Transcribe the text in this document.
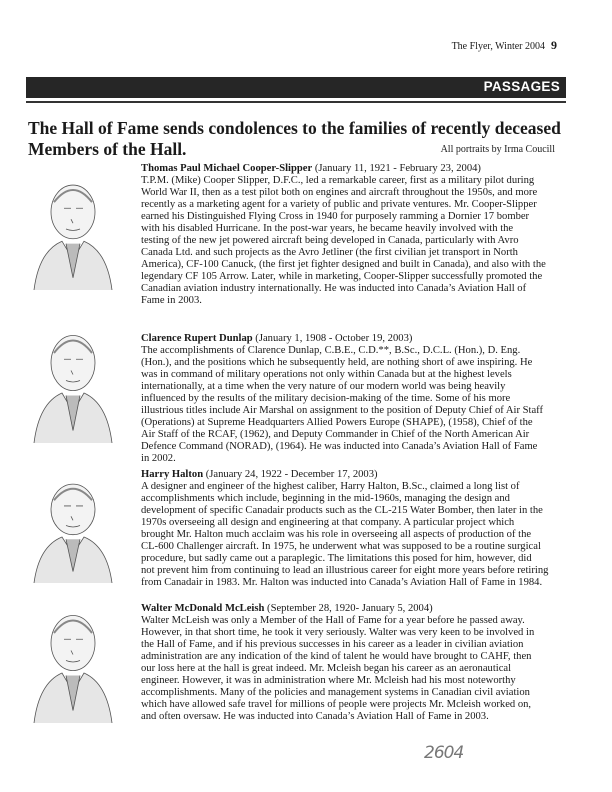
The Flyer, Winter 2004 9
PASSAGES
The Hall of Fame sends condolences to the families of recently deceased
Members of the Hall.	All portraits by Irma Coucill
Thomas Paul Michael Cooper-Slipper (January 11, 1921 - February 23, 2004)
T.P.M. (Mike) Cooper Slipper, D.F.C., led a remarkable career, first as a military pilot during
World War II, then as a test pilot both on engines and aircraft throughout the 1950s, and more
recently as a marketing agent for a variety of public and private ventures. Mr. Cooper-Slipper
earned his Distinguished Flying Cross in 1940 for purposely ramming a Dornier 17 bomber
with his disabled Hurricane. In the post-war years, he became heavily involved with the
testing of the new jet powered aircraft being developed in Canada, particularly with Avro
Canada Ltd. and such projects as the Avro Jetliner (the first civilian jet transport in North
America), CF-100 Canuck, (the first jet fighter designed and built in Canada), and also with the
legendary CF 105 Arrow. Later, while in marketing, Cooper-Slipper successfully promoted the
Canadian aviation industry internationally. He was inducted into Canada’s Aviation Hall of
Fame in 2003.
Clarence Rupert Dunlap (January 1, 1908 - October 19, 2003)
The accomplishments of Clarence Dunlap, C.B.E., C.D.**, B.Sc., D.C.L. (Hon.), D. Eng.
(Hon.), and the positions which he subsequently held, are nothing short of awe inspiring. He
was in command of military operations not only within Canada but at the highest levels
internationally, at a time when the very nature of our modern world was being heavily
influenced by the results of the military decision-making of the time. Some of his more
illustrious titles include Air Marshal on assignment to the position of Deputy Chief of Air Staff
(Operations) at Supreme Headquarters Allied Powers Europe (SHAPE), (1958), Chief of the
Air Staff of the RCAF, (1962), and Deputy Commander in Chief of the North American Air
Defence Command (NORAD), (1964). He was inducted into Canada’s Aviation Hall of Fame
in 2002.
Harry Halton (January 24, 1922 - December 17, 2003)
A designer and engineer of the highest caliber, Harry Halton, B.Sc., claimed a long list of
accomplishments which include, beginning in the mid-1960s, managing the design and
development of specific Canadair products such as the CL-215 Water Bomber, then later in the
1970s overseeing all design and engineering at that company. A particular project which
brought Mr. Halton much acclaim was his role in overseeing all aspects of production of the
CL-600 Challenger aircraft. In 1975, he underwent what was supposed to be a routine surgical
procedure, but sadly came out a paraplegic. The limitations this posed for him, however, did
not prevent him from continuing to lead an illustrious career for eight more years before retiring
from Canadair in 1983. Mr. Halton was inducted into Canada’s Aviation Hall of Fame in 1984.
Walter McDonald McLeish (September 28, 1920- January 5, 2004)
Walter McLeish was only a Member of the Hall of Fame for a year before he passed away.
However, in that short time, he took it very seriously. Walter was very keen to be involved in
the Hall of Fame, and if his previous successes in his career as a leader in civilian aviation
administration are any indication of the kind of talent he would have brought to CAHF, then
our loss here at the hall is great indeed. Mr. Mcleish began his career as an aeronautical
engineer. However, it was in administration where Mr. Mcleish had his most noteworthy
accomplishments. Many of the policies and management systems in Canadian civil aviation
which have allowed safe travel for millions of people were projects Mr. Mcleish worked on,
and often oversaw. He was inducted into Canada’s Aviation Hall of Fame in 2003.
2604
